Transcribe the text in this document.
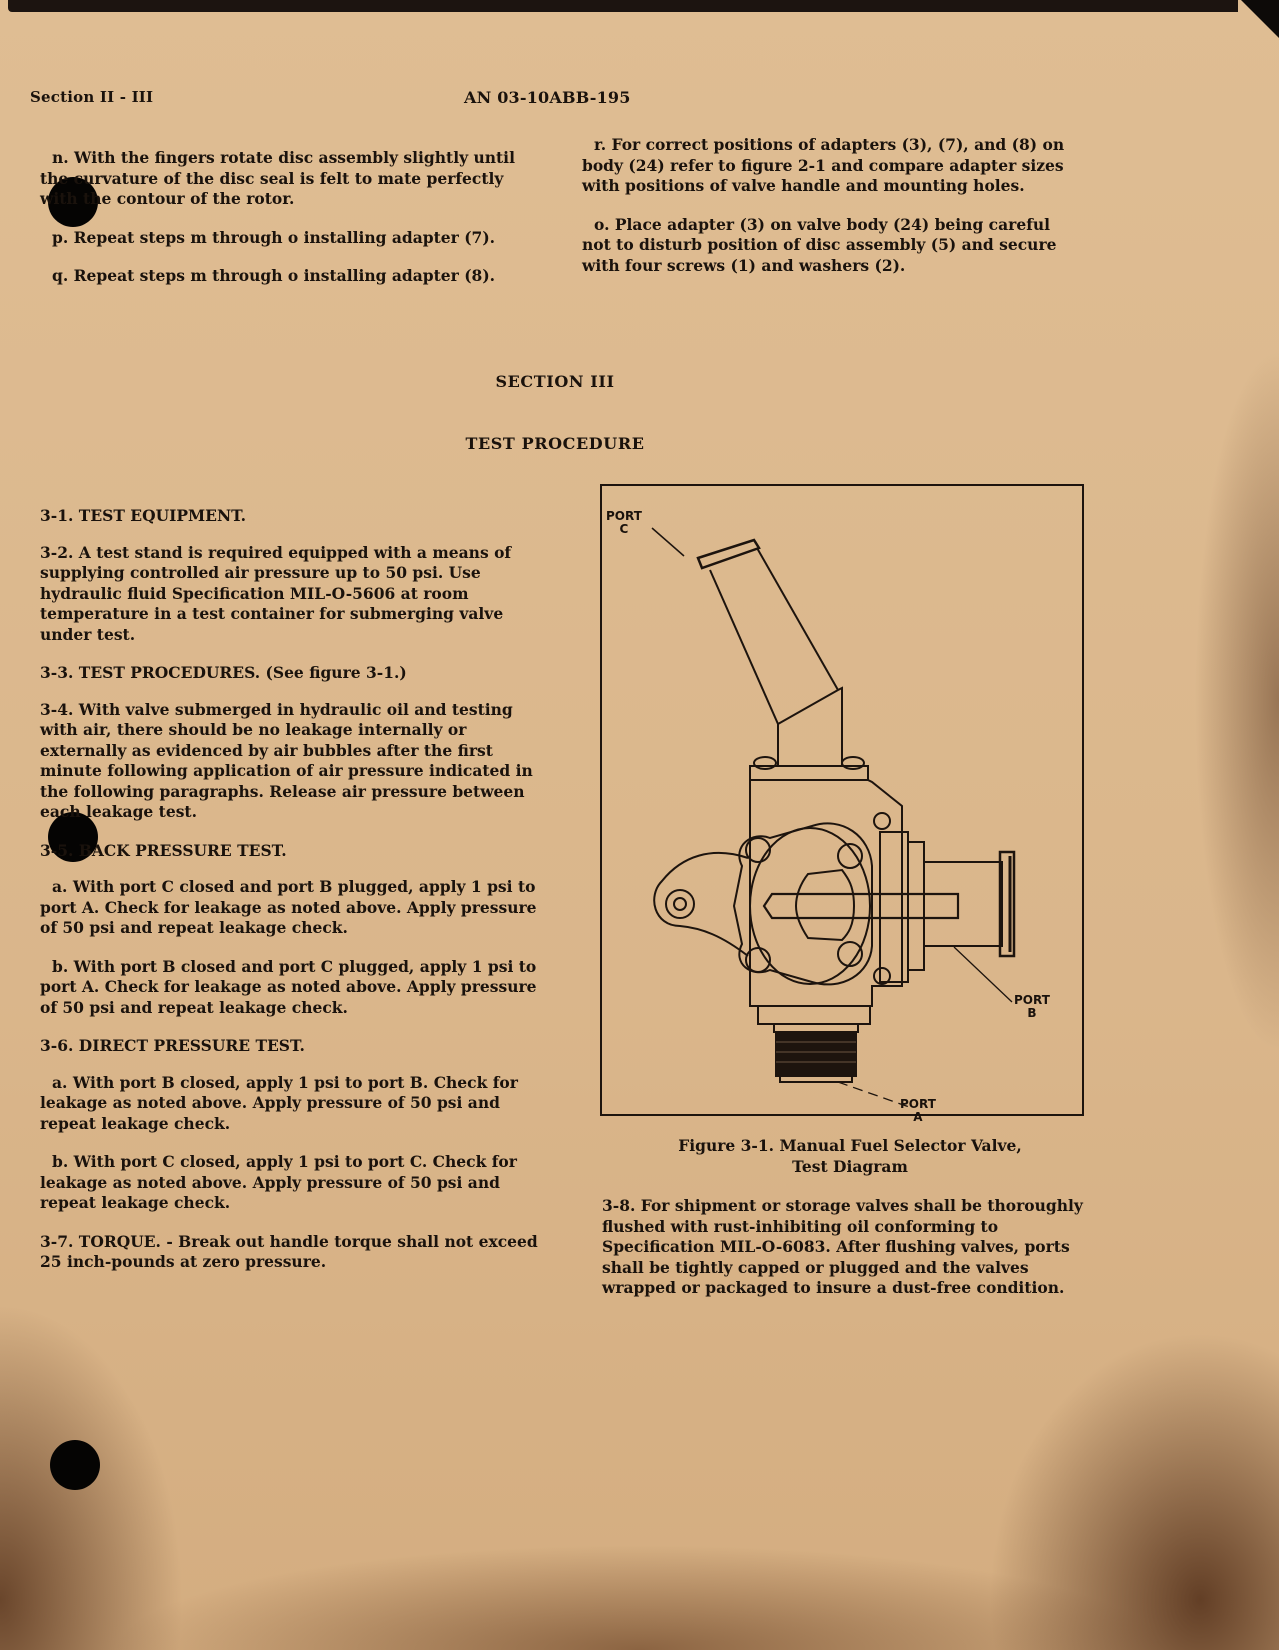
Section II - III	AN 03-10ABB-195

n. With the fingers rotate disc assembly slightly until the curvature of the disc seal is felt to mate perfectly with the contour of the rotor.

p. Repeat steps m through o installing adapter (7).

q. Repeat steps m through o installing adapter (8).

r. For correct positions of adapters (3), (7), and (8) on body (24) refer to figure 2-1 and compare adapter sizes with positions of valve handle and mounting holes.

o. Place adapter (3) on valve body (24) being careful not to disturb position of disc assembly (5) and secure with four screws (1) and washers (2).

SECTION III
TEST PROCEDURE

3-1. TEST EQUIPMENT.

3-2. A test stand is required equipped with a means of supplying controlled air pressure up to 50 psi. Use hydraulic fluid Specification MIL-O-5606 at room temperature in a test container for submerging valve under test.

3-3. TEST PROCEDURES. (See figure 3-1.)

3-4. With valve submerged in hydraulic oil and testing with air, there should be no leakage internally or externally as evidenced by air bubbles after the first minute following application of air pressure indicated in the following paragraphs. Release air pressure between each leakage test.

3-5. BACK PRESSURE TEST.

a. With port C closed and port B plugged, apply 1 psi to port A. Check for leakage as noted above. Apply pressure of 50 psi and repeat leakage check.

b. With port B closed and port C plugged, apply 1 psi to port A. Check for leakage as noted above. Apply pressure of 50 psi and repeat leakage check.

3-6. DIRECT PRESSURE TEST.

a. With port B closed, apply 1 psi to port B. Check for leakage as noted above. Apply pressure of 50 psi and repeat leakage check.

b. With port C closed, apply 1 psi to port C. Check for leakage as noted above. Apply pressure of 50 psi and repeat leakage check.

3-7. TORQUE. - Break out handle torque shall not exceed 25 inch-pounds at zero pressure.

PORT
C
PORT
B
PORT
A
Figure 3-1. Manual Fuel Selector Valve,
Test Diagram

3-8. For shipment or storage valves shall be thoroughly flushed with rust-inhibiting oil conforming to Specification MIL-O-6083. After flushing valves, ports shall be tightly capped or plugged and the valves wrapped or packaged to insure a dust-free condition.
